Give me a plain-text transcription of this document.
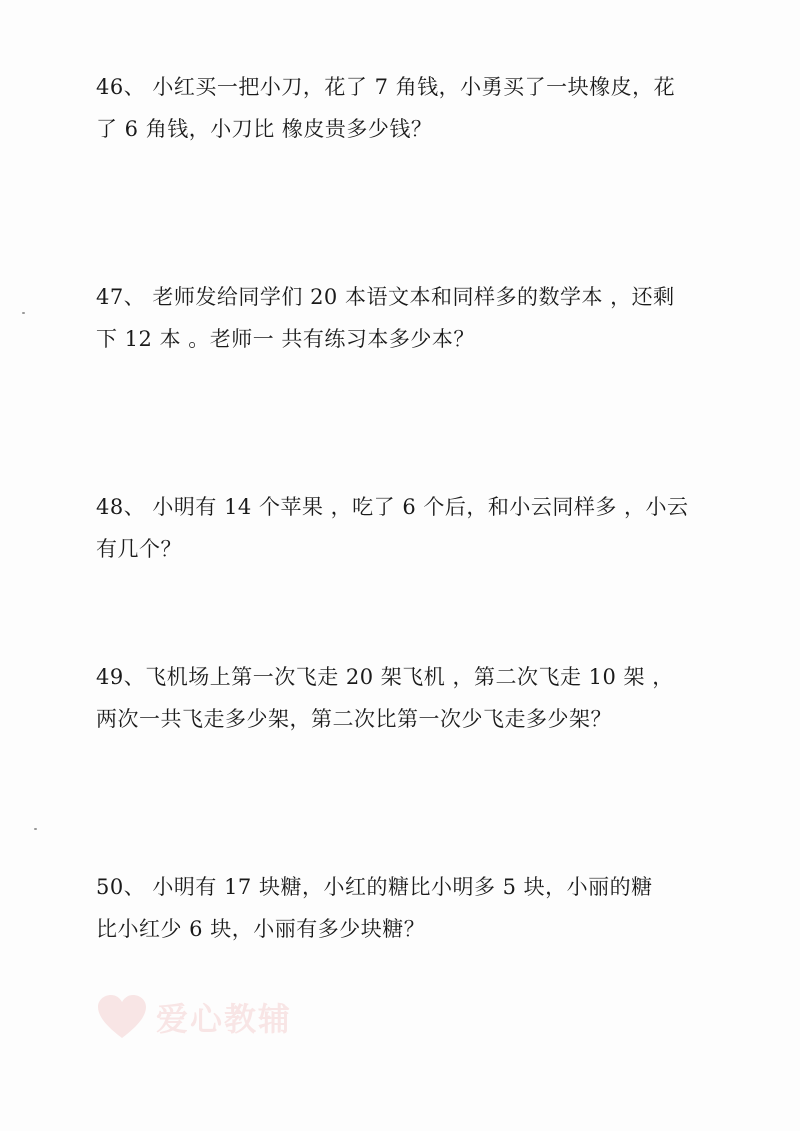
46、 小红买一把小刀，花了 7 角钱，小勇买了一块橡皮，花
了 6 角钱，小刀比 橡皮贵多少钱？
47、 老师发给同学们 20 本语文本和同样多的数学本 ，还剩
下 12 本 。老师一 共有练习本多少本？
48、 小明有 14 个苹果 ，吃了 6 个后，和小云同样多 ，小云
有几个？
49、飞机场上第一次飞走 20 架飞机 ，第二次飞走 10 架 ，
两次一共飞走多少架，第二次比第一次少飞走多少架？
50、 小明有 17 块糖，小红的糖比小明多 5 块，小丽的糖
比小红少 6 块，小丽有多少块糖？
爱心教辅
